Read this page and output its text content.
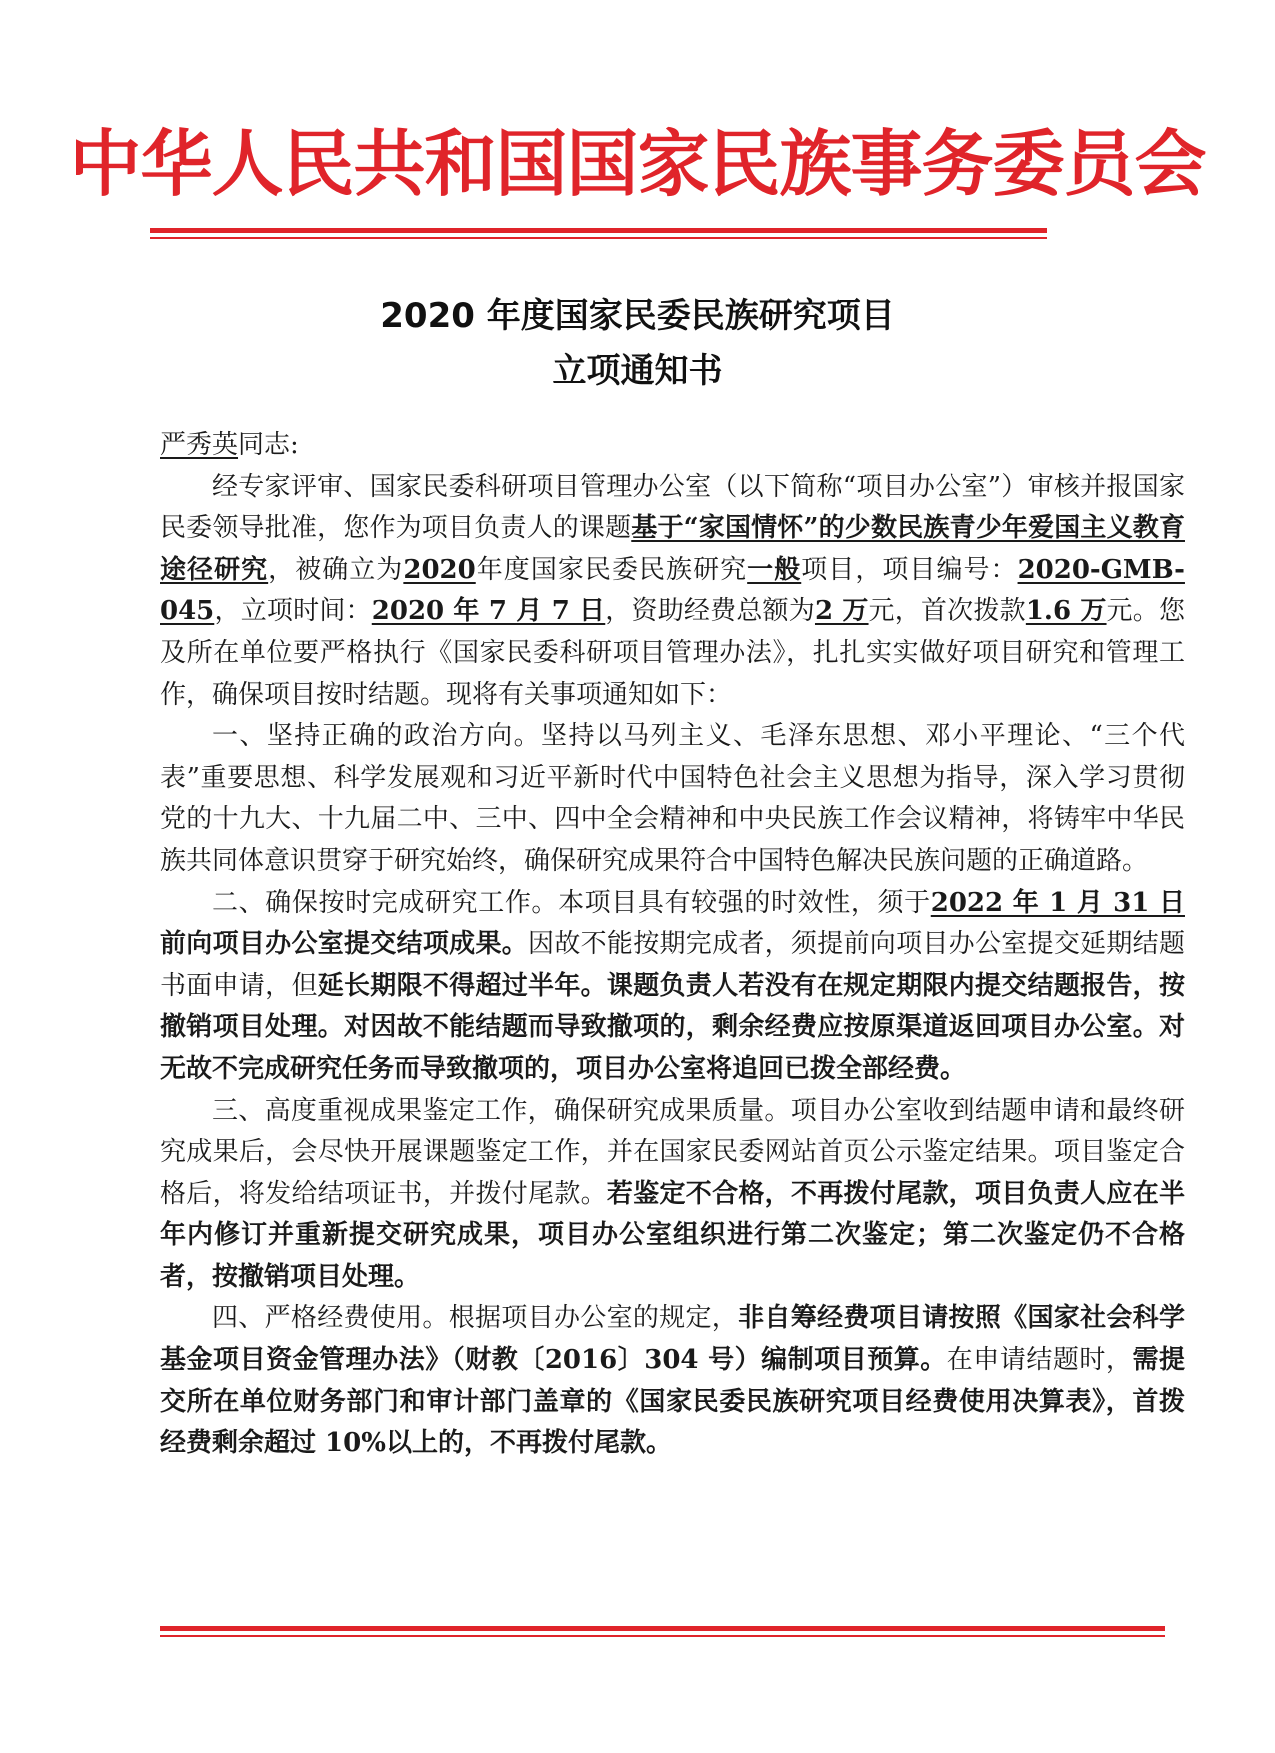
中华人民共和国国家民族事务委员会
2020 年度国家民委民族研究项目
立项通知书

严秀英同志:

经专家评审、国家民委科研项目管理办公室（以下简称“项目办公室”）审核并报国家民委领导批准，您作为项目负责人的课题基于“家国情怀”的少数民族青少年爱国主义教育途径研究，被确立为2020年度国家民委民族研究一般项目，项目编号：2020-GMB-045，立项时间：2020 年 7 月 7 日，资助经费总额为2 万元，首次拨款1.6 万元。您及所在单位要严格执行《国家民委科研项目管理办法》，扎扎实实做好项目研究和管理工作，确保项目按时结题。现将有关事项通知如下：

一、坚持正确的政治方向。坚持以马列主义、毛泽东思想、邓小平理论、“三个代表”重要思想、科学发展观和习近平新时代中国特色社会主义思想为指导，深入学习贯彻党的十九大、十九届二中、三中、四中全会精神和中央民族工作会议精神，将铸牢中华民族共同体意识贯穿于研究始终，确保研究成果符合中国特色解决民族问题的正确道路。

二、确保按时完成研究工作。本项目具有较强的时效性，须于2022 年 1 月 31 日前向项目办公室提交结项成果。因故不能按期完成者，须提前向项目办公室提交延期结题书面申请，但延长期限不得超过半年。课题负责人若没有在规定期限内提交结题报告，按撤销项目处理。对因故不能结题而导致撤项的，剩余经费应按原渠道返回项目办公室。对无故不完成研究任务而导致撤项的，项目办公室将追回已拨全部经费。

三、高度重视成果鉴定工作，确保研究成果质量。项目办公室收到结题申请和最终研究成果后，会尽快开展课题鉴定工作，并在国家民委网站首页公示鉴定结果。项目鉴定合格后，将发给结项证书，并拨付尾款。若鉴定不合格，不再拨付尾款，项目负责人应在半年内修订并重新提交研究成果，项目办公室组织进行第二次鉴定；第二次鉴定仍不合格者，按撤销项目处理。

四、严格经费使用。根据项目办公室的规定，非自筹经费项目请按照《国家社会科学基金项目资金管理办法》（财教〔2016〕304 号）编制项目预算。在申请结题时，需提交所在单位财务部门和审计部门盖章的《国家民委民族研究项目经费使用决算表》，首拨经费剩余超过 10%以上的，不再拨付尾款。
